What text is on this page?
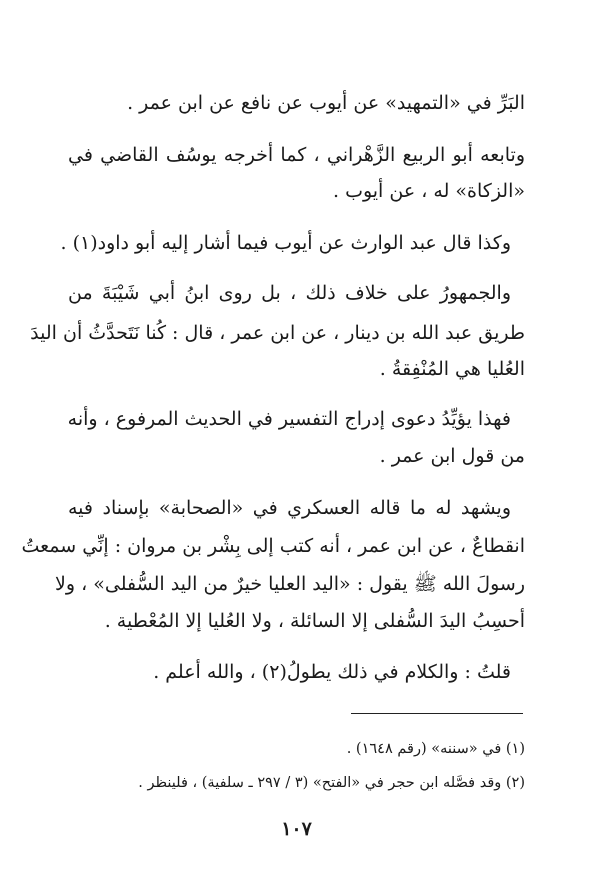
البَرِّ في «التمهيد» عن أيوب عن نافع عن ابن عمر .
وتابعه أبو الربيع الزَّهْراني ، كما أخرجه يوسُف القاضي في
«الزكاة» له ، عن أيوب .
وكذا قال عبد الوارث عن أيوب فيما أشار إليه أبو داود(١) .
والجمهورُ على خلاف ذلك ، بل روى ابنُ أبي شَيْبَةَ من
طريق عبد الله بن دينار ، عن ابن عمر ، قال : كُنا نَتَحدَّثُ أن اليدَ
العُليا هي المُنْفِقةُ .
فهذا يؤيِّدُ دعوى إدراج التفسير في الحديث المرفوع ، وأنه
من قول ابن عمر .
ويشهد له ما قاله العسكري في «الصحابة» بإسناد فيه
انقطاعٌ ، عن ابن عمر ، أنه كتب إلى بِشْر بن مروان : إنِّي سمعتُ
رسولَ الله ﷺ يقول : «اليد العليا خيرٌ من اليد السُّفلى» ، ولا
أحسِبُ اليدَ السُّفلى إلا السائلة ، ولا العُليا إلا المُعْطية .
قلتُ : والكلام في ذلك يطولُ(٢) ، والله أعلم .
(١) في «سننه» (رقم ١٦٤٨) .
(٢) وقد فصَّله ابن حجر في «الفتح» (٣ / ٢٩٧ ـ سلفية) ، فلينظر .
١٠٧
